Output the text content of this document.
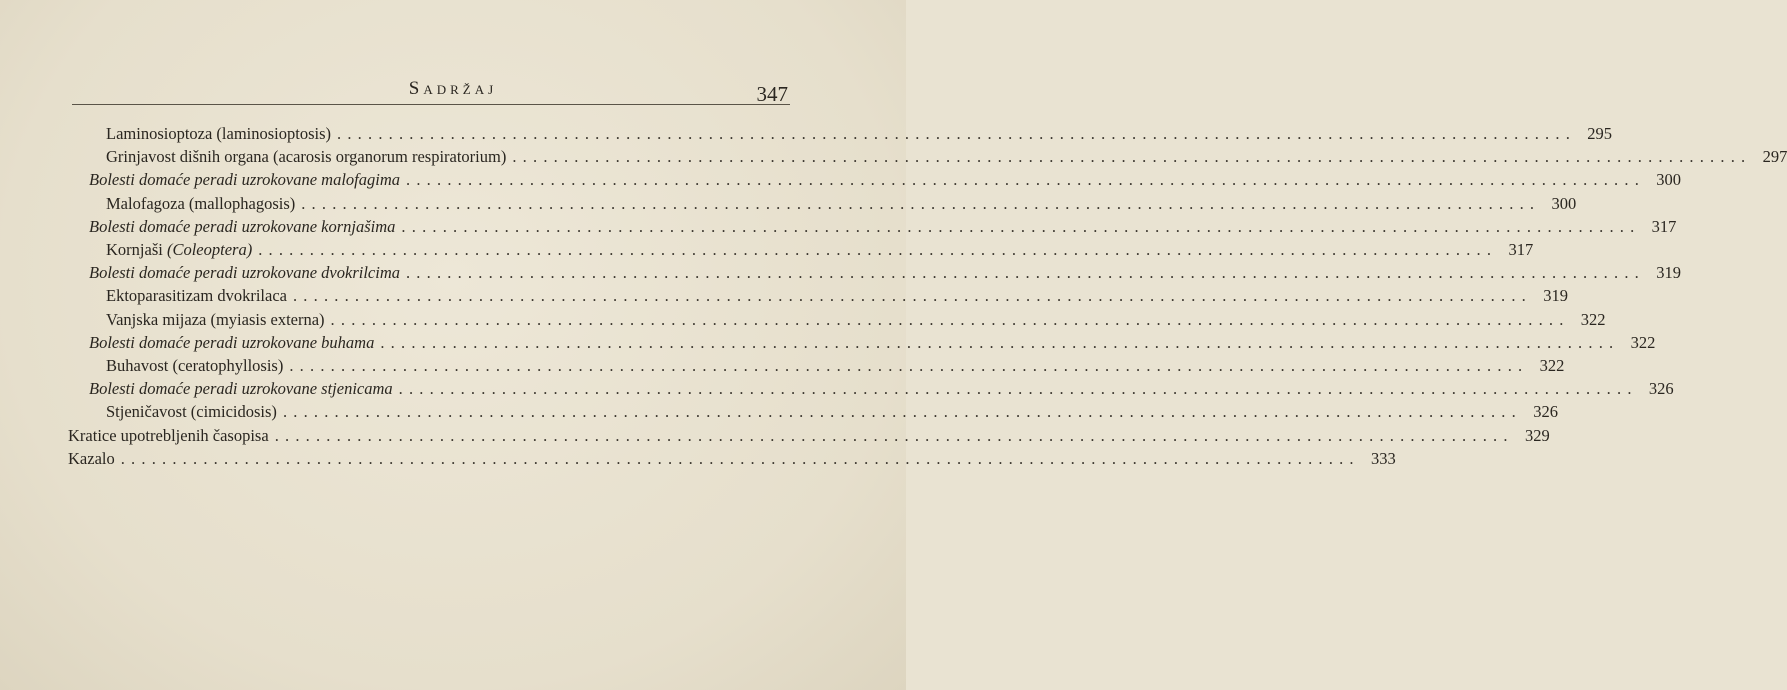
Sadržaj	347
Laminosioptoza (laminosioptosis) ........................................................................................................................ 295
Grinjavost dišnih organa (acarosis organorum respiratorium) ........................................................................................................................ 297
Bolesti domaće peradi uzrokovane malofagima ........................................................................................................................ 300
Malofagoza (mallophagosis) ........................................................................................................................ 300
Bolesti domaće peradi uzrokovane kornjašima ........................................................................................................................ 317
Kornjaši (Coleoptera) ........................................................................................................................ 317
Bolesti domaće peradi uzrokovane dvokrilcima ........................................................................................................................ 319
Ektoparasitizam dvokrilaca ........................................................................................................................ 319
Vanjska mijaza (myiasis externa) ........................................................................................................................ 322
Bolesti domaće peradi uzrokovane buhama ........................................................................................................................ 322
Buhavost (ceratophyllosis) ........................................................................................................................ 322
Bolesti domaće peradi uzrokovane stjenicama ........................................................................................................................ 326
Stjeničavost (cimicidosis) ........................................................................................................................ 326
Kratice upotrebljenih časopisa ........................................................................................................................ 329
Kazalo ........................................................................................................................ 333
